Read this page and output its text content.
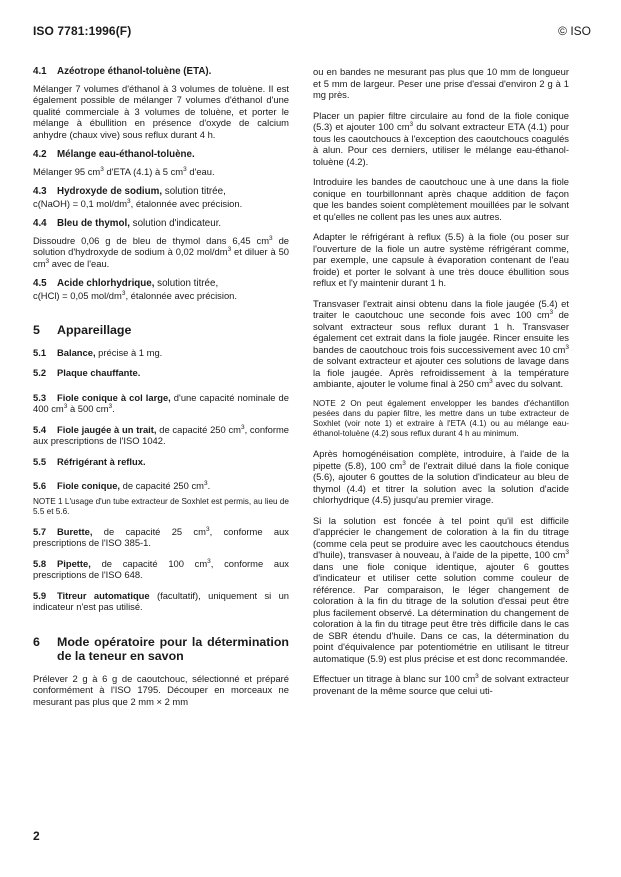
ISO 7781:1996(F)	© ISO
4.1 Azéotrope éthanol-toluène (ETA).

Mélanger 7 volumes d'éthanol à 3 volumes de toluène. Il est également possible de mélanger 7 volumes d'éthanol d'une qualité commerciale à 3 volumes de toluène, et porter le mélange à ébullition en présence d'oxyde de calcium anhydre (chaux vive) sous reflux durant 4 h.

4.2 Mélange eau-éthanol-toluène.

Mélanger 95 $cm^3$ d'ETA (4.1) à 5 $cm^3$ d'eau.

4.3 Hydroxyde de sodium, solution titrée,

c(NaOH) = 0,1 mol/$dm^3$, étalonnée avec précision.

4.4 Bleu de thymol, solution d'indicateur.

Dissoudre 0,06 g de bleu de thymol dans 6,45 $cm^3$ de solution d'hydroxyde de sodium à 0,02 mol/$dm^3$ et diluer à 50 $cm^3$ avec de l'eau.

4.5 Acide chlorhydrique, solution titrée,

c(HCl) = 0,05 mol/$dm^3$, étalonnée avec précision.

5	Appareillage

5.1 Balance, précise à 1 mg.

5.2 Plaque chauffante.

5.3 Fiole conique à col large, d'une capacité nominale de 400 $cm^3$ à 500 $cm^3$.

5.4 Fiole jaugée à un trait, de capacité 250 $cm^3$, conforme aux prescriptions de l'ISO 1042.

5.5 Réfrigérant à reflux.

5.6 Fiole conique, de capacité 250 $cm^3$.

NOTE 1 L'usage d'un tube extracteur de Soxhlet est permis, au lieu de 5.5 et 5.6.

5.7 Burette, de capacité 25 $cm^3$, conforme aux prescriptions de l'ISO 385-1.

5.8 Pipette, de capacité 100 $cm^3$, conforme aux prescriptions de l'ISO 648.

5.9 Titreur automatique (facultatif), uniquement si un indicateur n'est pas utilisé.

6	Mode opératoire pour la détermination de la teneur en savon

Prélever 2 g à 6 g de caoutchouc, sélectionné et préparé conformément à l'ISO 1795. Découper en morceaux ne mesurant pas plus que 2 mm × 2 mm

ou en bandes ne mesurant pas plus que 10 mm de longueur et 5 mm de largeur. Peser une prise d'essai d'environ 2 g à 1 mg près.

Placer un papier filtre circulaire au fond de la fiole conique (5.3) et ajouter 100 $cm^3$ du solvant extracteur ETA (4.1) pour tous les caoutchoucs à l'exception des caoutchoucs coagulés à alun. Pour ces derniers, utiliser le mélange eau-éthanol-toluène (4.2).

Introduire les bandes de caoutchouc une à une dans la fiole conique en tourbillonnant après chaque addition de façon que les bandes soient complètement mouillées par le solvant et qu'elles ne collent pas les unes aux autres.

Adapter le réfrigérant à reflux (5.5) à la fiole (ou poser sur l'ouverture de la fiole un autre système réfrigérant comme, par exemple, une capsule à évaporation contenant de l'eau froide) et porter le solvant à une très douce ébullition sous reflux et l'y maintenir durant 1 h.

Transvaser l'extrait ainsi obtenu dans la fiole jaugée (5.4) et traiter le caoutchouc une seconde fois avec 100 $cm^3$ de solvant extracteur sous reflux durant 1 h. Transvaser également cet extrait dans la fiole jaugée. Rincer ensuite les bandes de caoutchouc trois fois successivement avec 10 $cm^3$ de solvant extracteur et ajouter ces solutions de lavage dans la fiole jaugée. Après refroidissement à la température ambiante, ajouter le volume final à 250 $cm^3$ avec du solvant.

NOTE 2 On peut également envelopper les bandes d'échantillon pesées dans du papier filtre, les mettre dans un tube extracteur de Soxhlet (voir note 1) et extraire à l'ETA (4.1) ou au mélange eau-éthanol-toluène (4.2) sous reflux durant 4 h au minimum.

Après homogénéisation complète, introduire, à l'aide de la pipette (5.8), 100 $cm^3$ de l'extrait dilué dans la fiole conique (5.6), ajouter 6 gouttes de la solution d'indicateur au bleu de thymol (4.4) et titrer la solution avec la solution d'acide chlorhydrique (4.5) jusqu'au premier virage.

Si la solution est foncée à tel point qu'il est difficile d'apprécier le changement de coloration à la fin du titrage (comme cela peut se produire avec les caoutchoucs étendus d'huile), transvaser à nouveau, à l'aide de la pipette, 100 $cm^3$ dans une fiole conique identique, ajouter 6 gouttes d'indicateur et utiliser cette solution comme couleur de référence. Par comparaison, le léger changement de coloration à la fin du titrage de la solution d'essai peut être plus facilement observé. La détermination du changement de coloration à la fin du titrage peut être très difficile dans le cas de SBR étendu d'huile. Dans ce cas, la détermination du point d'équivalence par potentiométrie en utilisant le titreur automatique (5.9) est plus précise et est donc recommandée.

Effectuer un titrage à blanc sur 100 $cm^3$ de solvant extracteur provenant de la même source que celui uti-

2
